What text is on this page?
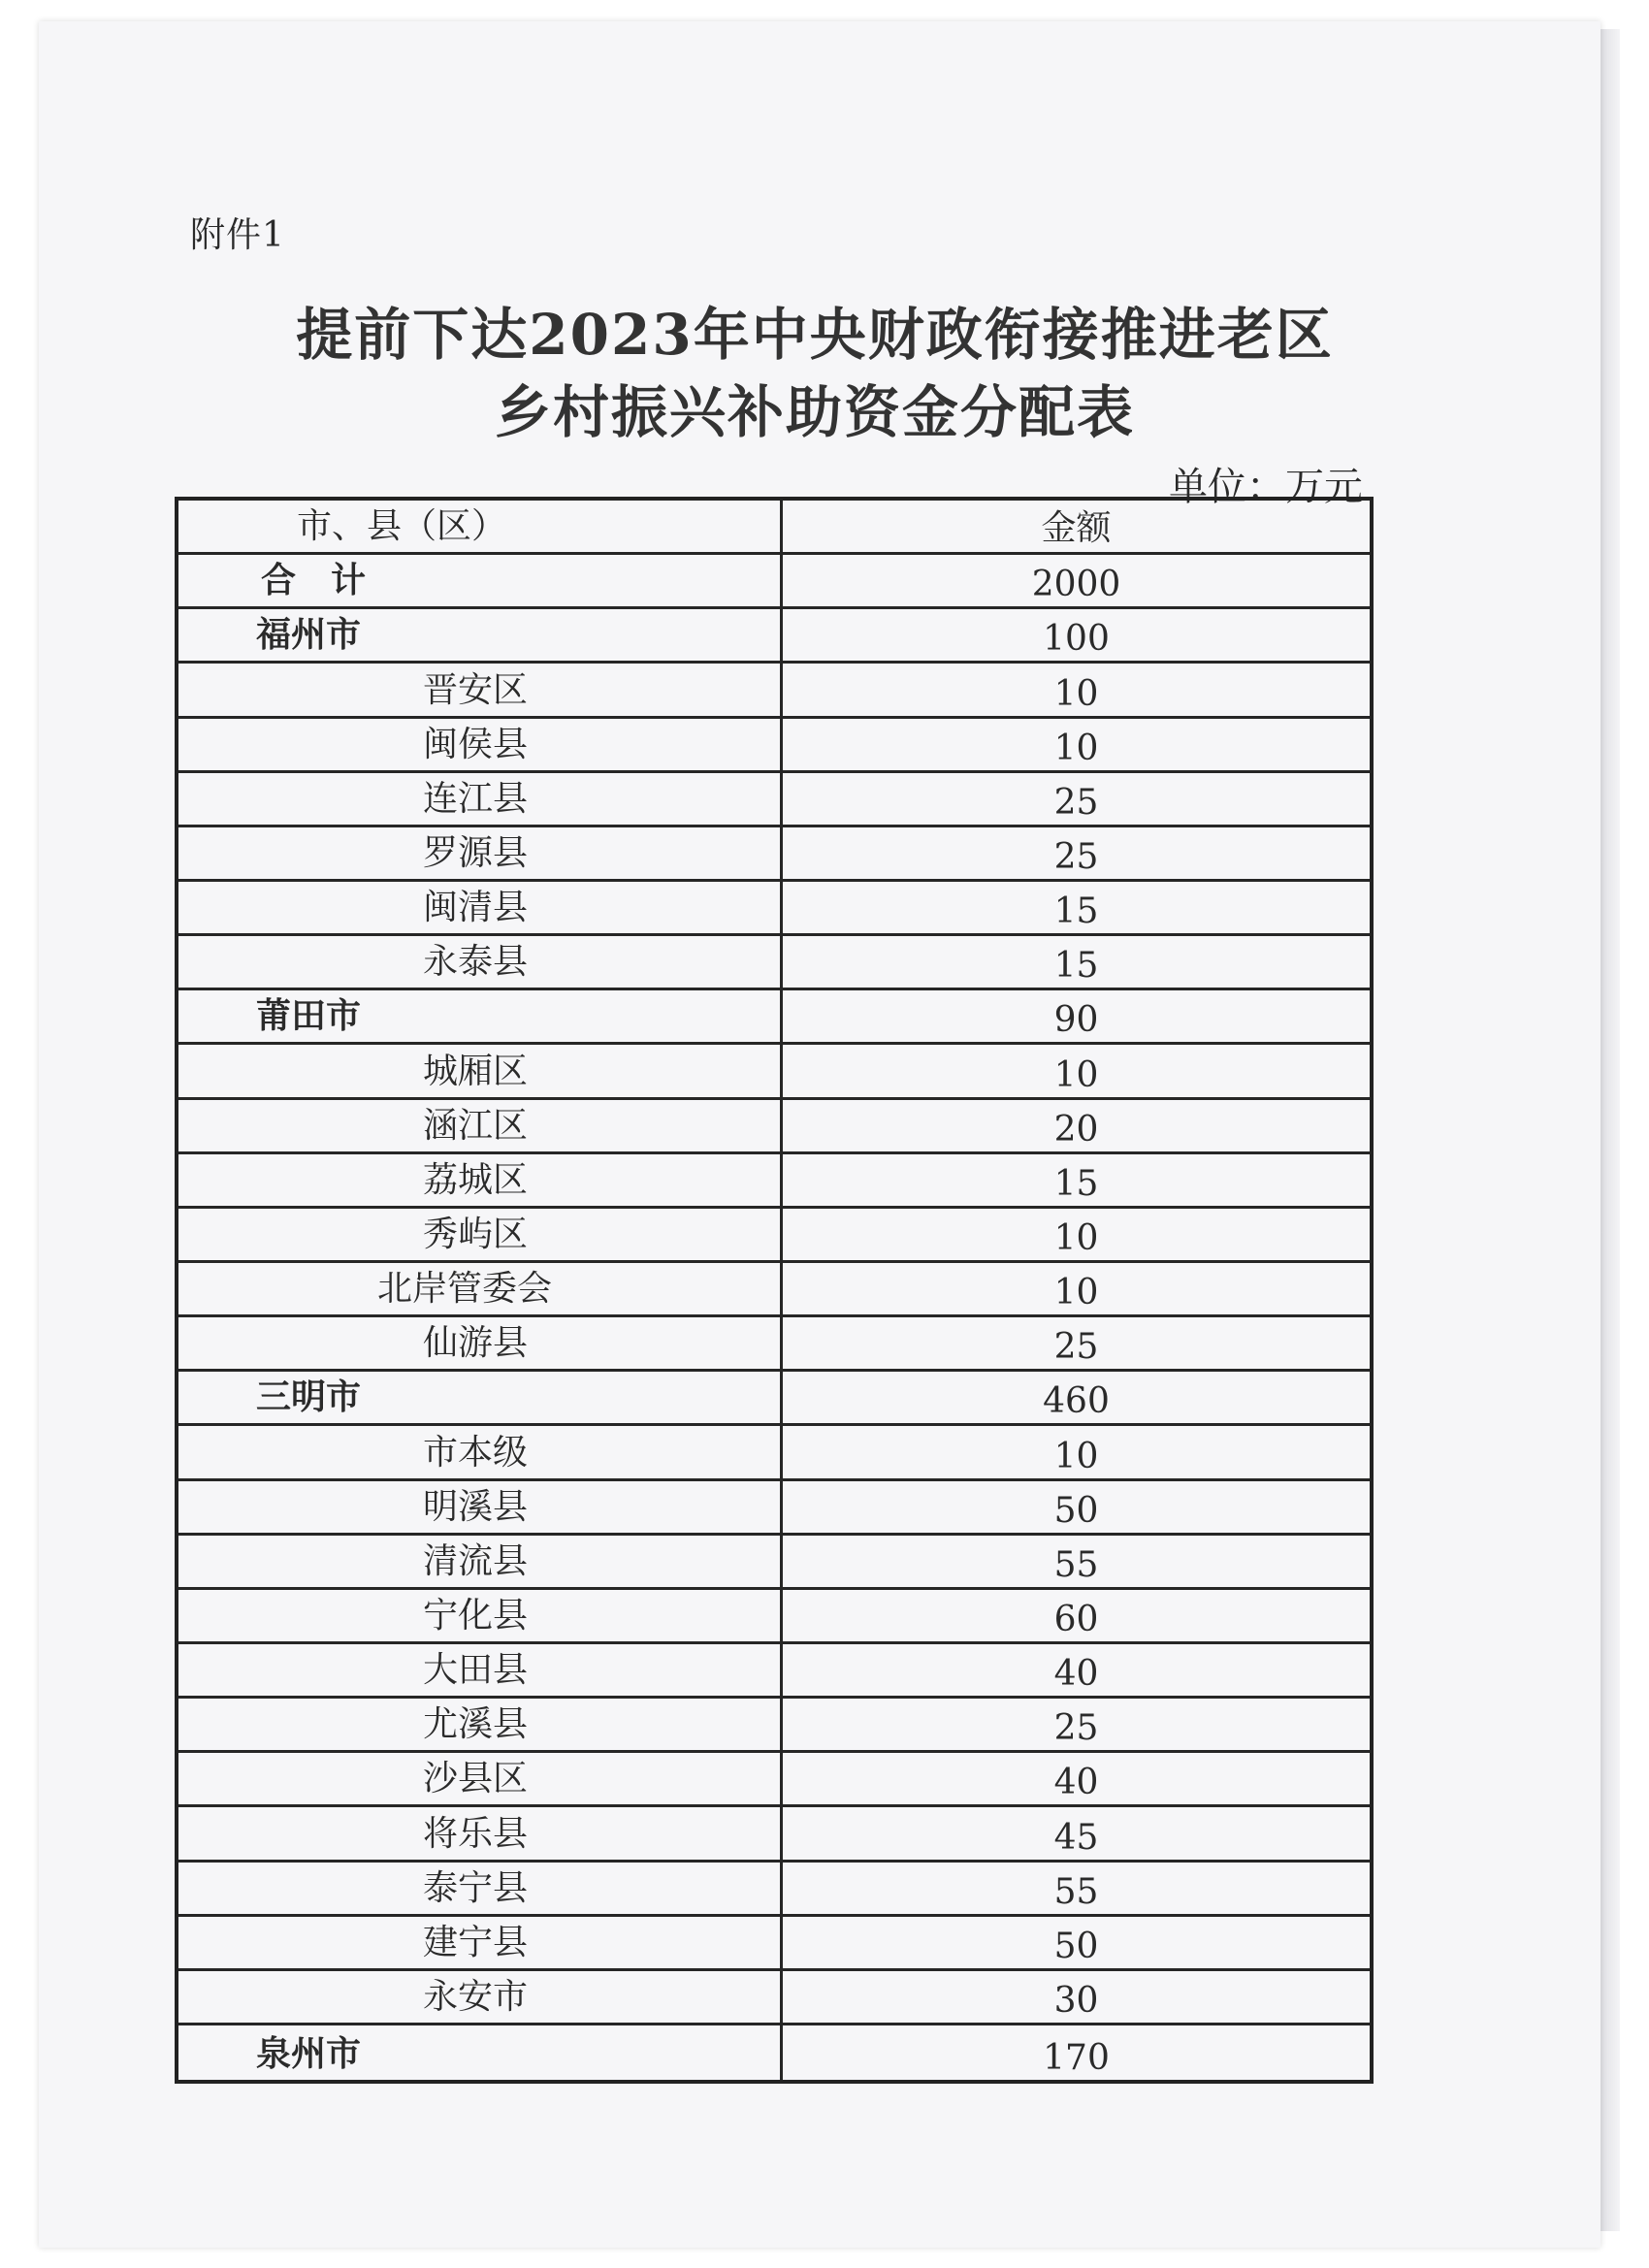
附件1
提前下达2023年中央财政衔接推进老区
乡村振兴补助资金分配表
单位：万元
市、县（区）	金额
合计	2000
福州市	100
晋安区	10
闽侯县	10
连江县	25
罗源县	25
闽清县	15
永泰县	15
莆田市	90
城厢区	10
涵江区	20
荔城区	15
秀屿区	10
北岸管委会	10
仙游县	25
三明市	460
市本级	10
明溪县	50
清流县	55
宁化县	60
大田县	40
尤溪县	25
沙县区	40
将乐县	45
泰宁县	55
建宁县	50
永安市	30
泉州市	170
